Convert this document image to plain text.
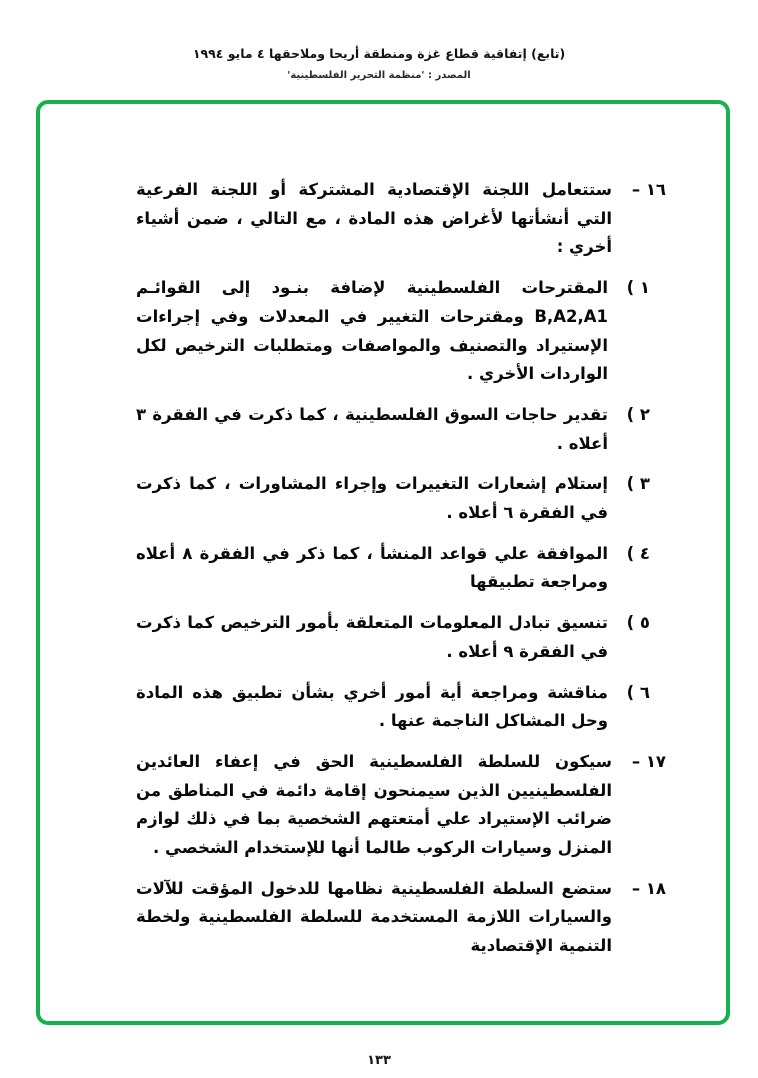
(تابع) إتفاقية قطاع غزة ومنطقة أريحا وملاحقها ٤ مايو ١٩٩٤
المصدر : 'منظمة التحرير الفلسطينية'
١٦ –
ستتعامل اللجنة الإقتصادية المشتركة أو اللجنة الفرعية التي أنشأتها لأغراض هذه المادة ، مع التالي ، ضمن أشياء أخري :
١ )
المقترحات الفلسطينية لإضافة بنـود إلى القوائـم B,A2,A1 ومقترحات التغيير في المعدلات وفي إجراءات الإستيراد والتصنيف والمواصفات ومتطلبات الترخيص لكل الواردات الأخري .
٢ )
تقدير حاجات السوق الفلسطينية ، كما ذكرت في الفقرة ٣ أعلاه .
٣ )
إستلام إشعارات التغييرات وإجراء المشاورات ، كما ذكرت في الفقرة ٦ أعلاه .
٤ )
الموافقة علي قواعد المنشأ ، كما ذكر في الفقرة ٨ أعلاه ومراجعة تطبيقها
٥ )
تنسيق تبادل المعلومات المتعلقة بأمور الترخيص كما ذكرت في الفقرة ٩ أعلاه .
٦ )
مناقشة ومراجعة أية أمور أخري بشأن تطبيق هذه المادة وحل المشاكل الناجمة عنها .
١٧ –
سيكون للسلطة الفلسطينية الحق في إعفاء العائدين الفلسطينيين الذين سيمنحون إقامة دائمة في المناطق من ضرائب الإستيراد علي أمتعتهم الشخصية بما في ذلك لوازم المنزل وسيارات الركوب طالما أنها للإستخدام الشخصي .
١٨ –
ستضع السلطة الفلسطينية نظامها للدخول المؤقت للآلات والسيارات اللازمة المستخدمة للسلطة الفلسطينية ولخطة التنمية الإقتصادية
١٣٣
